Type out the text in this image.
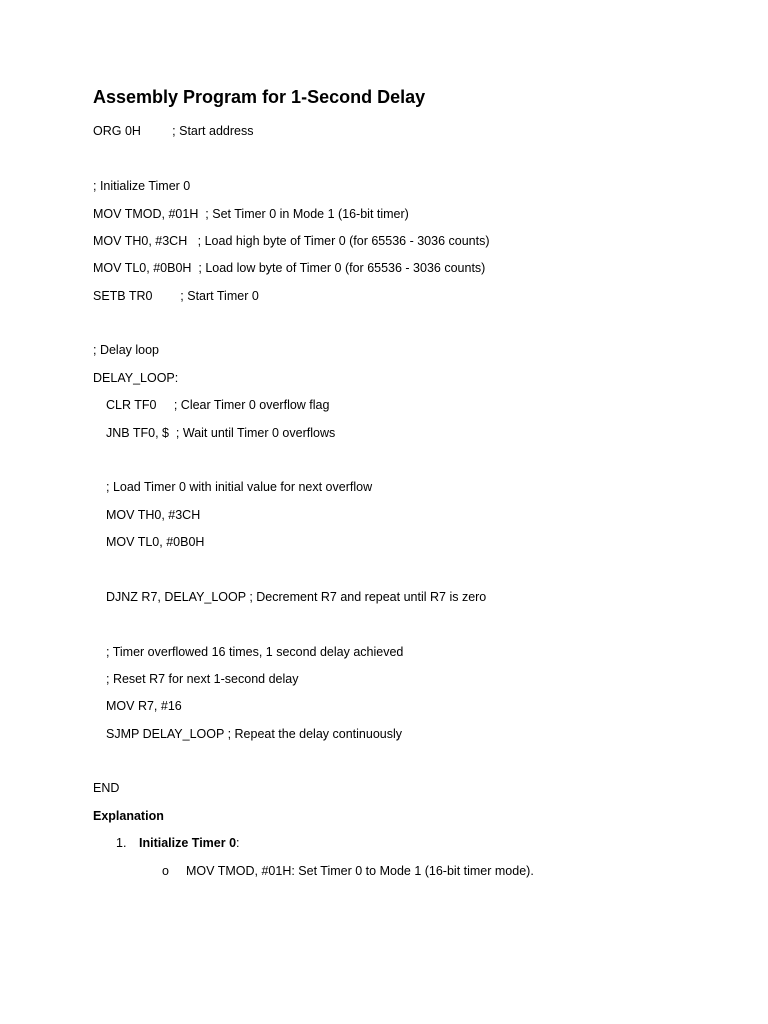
Assembly Program for 1-Second Delay
ORG 0H         ; Start address
; Initialize Timer 0
MOV TMOD, #01H  ; Set Timer 0 in Mode 1 (16-bit timer)
MOV TH0, #3CH   ; Load high byte of Timer 0 (for 65536 - 3036 counts)
MOV TL0, #0B0H  ; Load low byte of Timer 0 (for 65536 - 3036 counts)
SETB TR0        ; Start Timer 0
; Delay loop
DELAY_LOOP:
CLR TF0     ; Clear Timer 0 overflow flag
JNB TF0, $  ; Wait until Timer 0 overflows
; Load Timer 0 with initial value for next overflow
MOV TH0, #3CH
MOV TL0, #0B0H
DJNZ R7, DELAY_LOOP ; Decrement R7 and repeat until R7 is zero
; Timer overflowed 16 times, 1 second delay achieved
; Reset R7 for next 1-second delay
MOV R7, #16
SJMP DELAY_LOOP ; Repeat the delay continuously
END
Explanation
1. Initialize Timer 0:
o MOV TMOD, #01H: Set Timer 0 to Mode 1 (16-bit timer mode).
